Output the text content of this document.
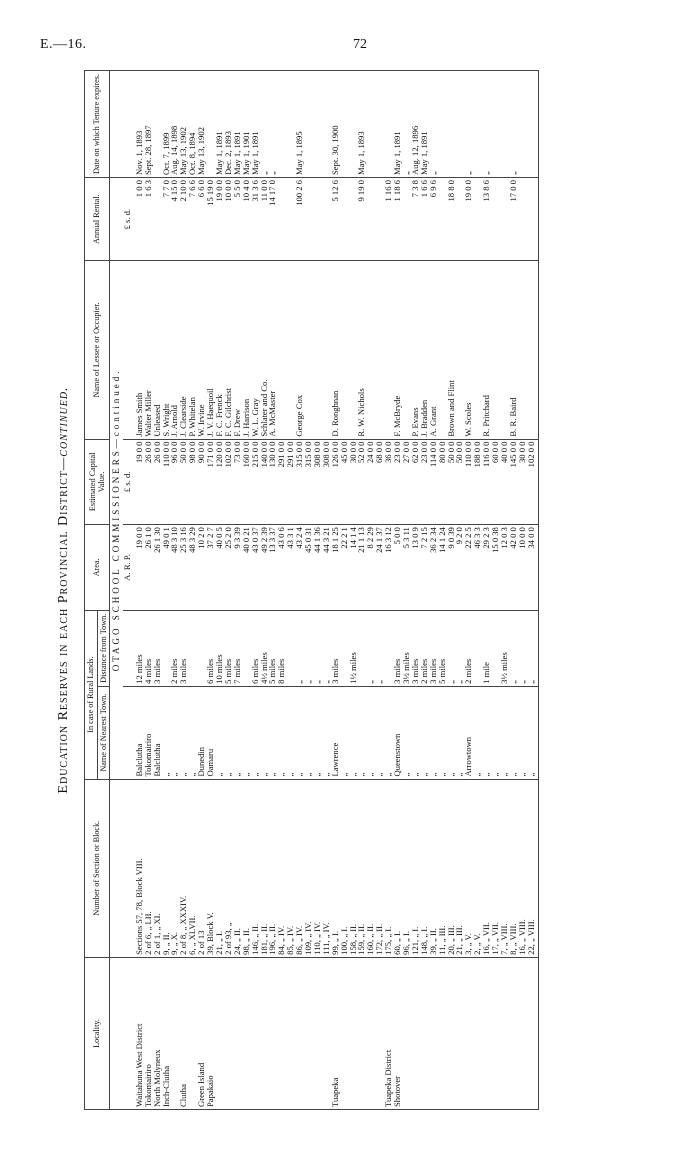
E.—16.	72
Education Reserves in each Provincial District—continued.
Locality.	Number of Section or Block.	In case of Rural Lands.		Area.	Estimated Capital Value.	Name of Lessee or Occupier.	Annual Rental.	Date on which Tenure expires.
		Name of Nearest Town.	Distance from Town.					
		OTAGO SCHOOL COMMISSIONERS—continued.						
				A. R. P.	£ s. d.		£ s. d.	
Waitahuna West District	Sections 57, 78, Block VIII.	Balclutha	12 miles	19 0 0	19 0 0	James Smith	1 0 0	Nov. 1, 1893
Tokomairiro	2 of 6, „ LII.	Tokomairiro	4 miles	26 1 0	26 0 0	Walter Miller	1 6 3	Sept. 28, 1897
North Molyneux	2 of 1, „ XI.	Balclutha	3 miles	26 1 30	26 0 0	Unleased		
Inch-Clutha	9, „ II.	„		49 0 1	110 0 0	S. Wright	7 7 0	Oct. 7, 1899
	9, „ X.	„	2 miles	48 3 10	96 0 0	J. Arnold	4 15 0	Aug. 14, 1898
Clutha	2 of 8, „ XXXIV.	„	3 miles	25 3 16	50 0 0	J. Clearside	2 10 0	May 13, 1902
	6, „ XLVII.	„		48 3 29	98 0 0	P. Whitelan	7 6 6	Oct. 8, 1894
Green Island	2 of 13	Dunedin		10 2 0	90 0 0	W. Irvine	6 6 0	May 13, 1902
Papakaio	39, Block V.	Oamaru	6 miles	37 2 7	171 0 0	J. V. Haequoil	15 19 0	
	21, „ I.	„	10 miles	40 0 5	120 0 0	F. C. Frenck	19 0 0	May 1, 1891
	2 of 93, „	„	5 miles	25 2 0	102 0 0	F. C. Gilchrist	10 0 0	Dec. 2, 1893
	24, „ II.	„	7 miles	9 3 39	73 0 0	F. Drew	5 5 0	May 1, 1891
	98, „ II.	„		40 0 21	160 0 0	J. Harrison	10 4 0	May 1, 1901
	146, „ II.	„	6 miles	43 0 37	215 0 0	W. L. Gray	31 3 6	May 1, 1891
	181, „ II.	„	4½ miles	49 2 39	140 0 0	Schlater and Co.	11 0 0	„
	196, „ II.	„	5 miles	13 3 37	130 0 0	A. McMaster	14 17 0	„
	84, „ IV.	„	8 miles	43 0 6	291 0 0			
	85, „ IV.	„		43 3 1	291 0 0			
	86, „ IV.	„	„	43 2 4	315 0 0	George Cox	100 2 6	May 1, 1895
	109, „ IV.	„	„	45 0 31	315 0 0			
	110, „ IV.	„	„	44 1 36	308 0 0			
	111, „ IV.	„	„	44 3 21	308 0 0			
Tuapeka	99, „ I.	Lawrence	3 miles	18 1 25	126 0 0	D. Ronghnan	5 12 6	Sept. 30, 1900
	100, „ I.	„		22 2 1	45 0 0			
	158, „ II.	„	1½ miles	14 1 4	30 0 0			
	159, „ II.	„		21 1 13	52 0 0	R. W. Nichols	9 19 0	May 1, 1893
	160, „ II.	„	„	8 2 29	24 0 0			
	172, „ II.	„	„	24 1 37	68 0 0			
Tuapeka District	175, „ I.	„		16 3 12	36 0 0		1 16 0	
Shotover	60, „ I.	Queenstown	3 miles	5 0 0	23 0 0	F. McBryde	1 18 6	May 1, 1891
	96, „ I.	„	3½ miles	5 3 11	27 0 0			„
	121, „ I.	„	3 miles	13 0 9	62 0 0	P. Evans	7 3 8	Aug. 12, 1896
	148, „ I.	„	2 miles	7 2 15	23 0 0	J. Bradden	1 6 6	May 1, 1891
	39, „ II.	„	3 miles	36 2 34	114 0 0	A. Grant	6 9 6	„
	11, „ III.	„	5 miles	14 1 24	80 0 0			
	20, „ III.	„	„	9 0 39	50 0 0	Brown and Flint	18 8 0	
	21, „ III.	„	„	9 2 0	50 0 0			
	3, „ V.	Arrowtown	2 miles	22 2 5	110 0 0	W. Scoles	19 0 0	„
	2, „ V.	„		46 3 3	188 0 0			
	16, „ VII.	„	1 mile	29 2 3	116 0 0	R. Pritchard	13 8 6	„
	17, „ VII.	„		15 0 38	60 0 0			
	7, „ VIII.	„	3½ miles	12 0 3	40 0 0			
	8, „ VIII.	„	„	42 0 0	145 0 0	B. R. Baird	17 0 0	„
	16, „ VIII.	„	„	10 0 0	30 0 0			
	22, „ VIII.	„	„	34 0 0	102 0 0			
